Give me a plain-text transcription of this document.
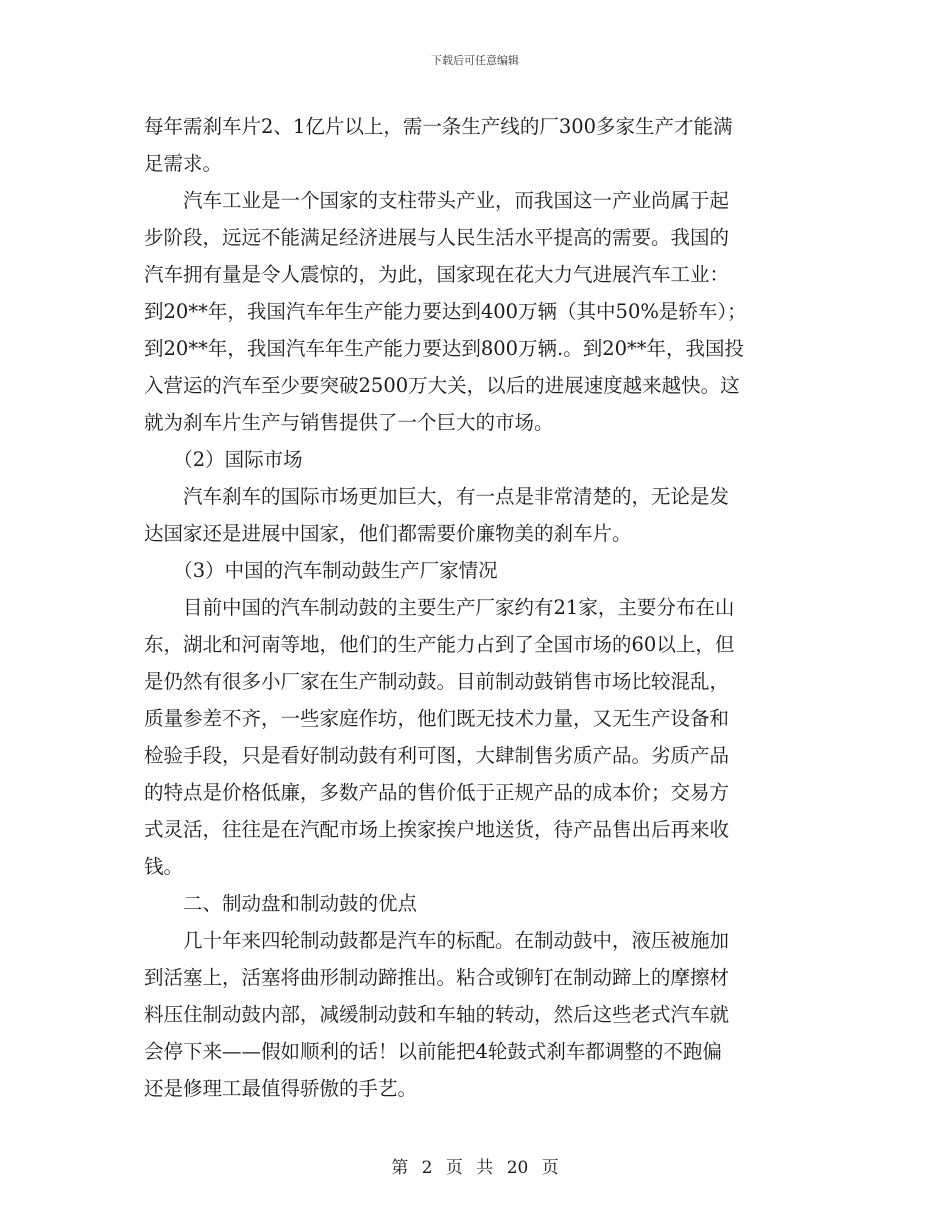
下载后可任意编辑

每年需刹车片2、1亿片以上，需一条生产线的厂300多家生产才能满

足需求。

　　汽车工业是一个国家的支柱带头产业，而我国这一产业尚属于起

步阶段，远远不能满足经济进展与人民生活水平提高的需要。我国的

汽车拥有量是令人震惊的，为此，国家现在花大力气进展汽车工业：

到20**年，我国汽车年生产能力要达到400万辆（其中50%是轿车）；

到20**年，我国汽车年生产能力要达到800万辆.。到20**年，我国投

入营运的汽车至少要突破2500万大关，以后的进展速度越来越快。这

就为刹车片生产与销售提供了一个巨大的市场。

　　（2）国际市场

　　汽车刹车的国际市场更加巨大，有一点是非常清楚的，无论是发

达国家还是进展中国家，他们都需要价廉物美的刹车片。

　　（3）中国的汽车制动鼓生产厂家情况

　　目前中国的汽车制动鼓的主要生产厂家约有21家，主要分布在山

东，湖北和河南等地，他们的生产能力占到了全国市场的60以上，但

是仍然有很多小厂家在生产制动鼓。目前制动鼓销售市场比较混乱，

质量参差不齐，一些家庭作坊，他们既无技术力量，又无生产设备和

检验手段，只是看好制动鼓有利可图，大肆制售劣质产品。劣质产品

的特点是价格低廉，多数产品的售价低于正规产品的成本价；交易方

式灵活，往往是在汽配市场上挨家挨户地送货，待产品售出后再来收

钱。

　　二、制动盘和制动鼓的优点

　　几十年来四轮制动鼓都是汽车的标配。在制动鼓中，液压被施加

到活塞上，活塞将曲形制动蹄推出。粘合或铆钉在制动蹄上的摩擦材

料压住制动鼓内部，减缓制动鼓和车轴的转动，然后这些老式汽车就

会停下来——假如顺利的话！以前能把4轮鼓式刹车都调整的不跑偏

还是修理工最值得骄傲的手艺。

第 2 页 共 20 页
